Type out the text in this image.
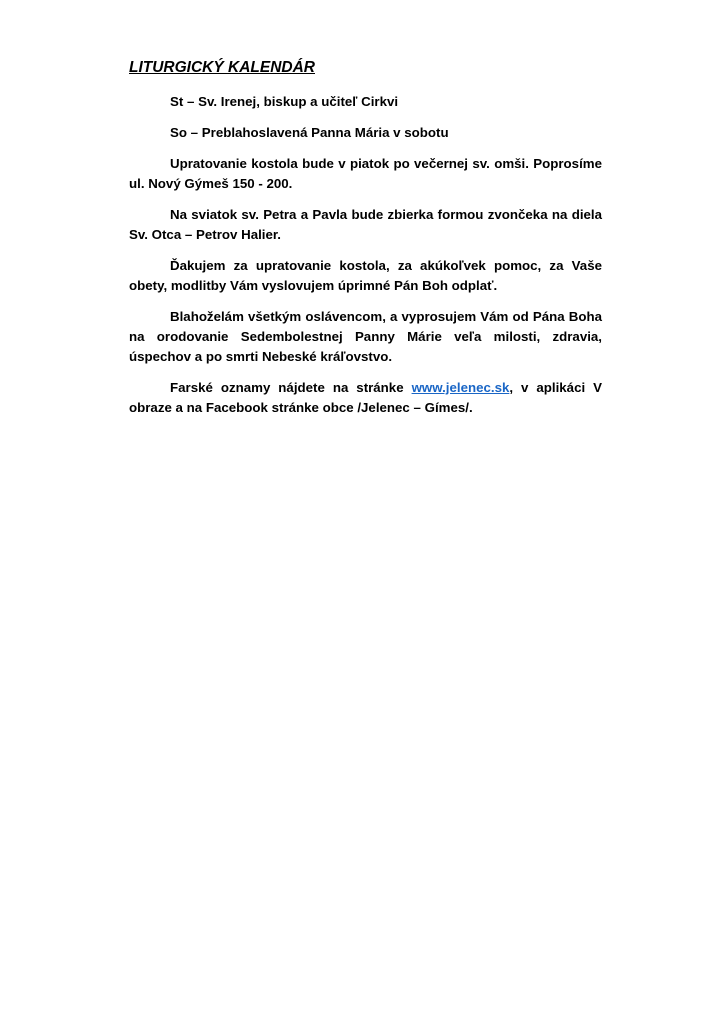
LITURGICKÝ KALENDÁR

St – Sv. Irenej, biskup a učiteľ Cirkvi

So – Preblahoslavená Panna Mária v sobotu

Upratovanie kostola bude v piatok po večernej sv. omši. Poprosíme ul. Nový Gýmeš 150 - 200.

Na sviatok sv. Petra a Pavla bude zbierka formou zvončeka na diela Sv. Otca – Petrov Halier.

Ďakujem za upratovanie kostola, za akúkoľvek pomoc, za Vaše obety, modlitby Vám vyslovujem úprimné Pán Boh odplať.

Blahoželám všetkým oslávencom, a vyprosujem Vám od Pána Boha na orodovanie Sedembolestnej Panny Márie veľa milosti, zdravia, úspechov a po smrti Nebeské kráľovstvo.

Farské oznamy nájdete na stránke www.jelenec.sk, v aplikáci V obraze a na Facebook stránke obce /Jelenec – Gímes/.
